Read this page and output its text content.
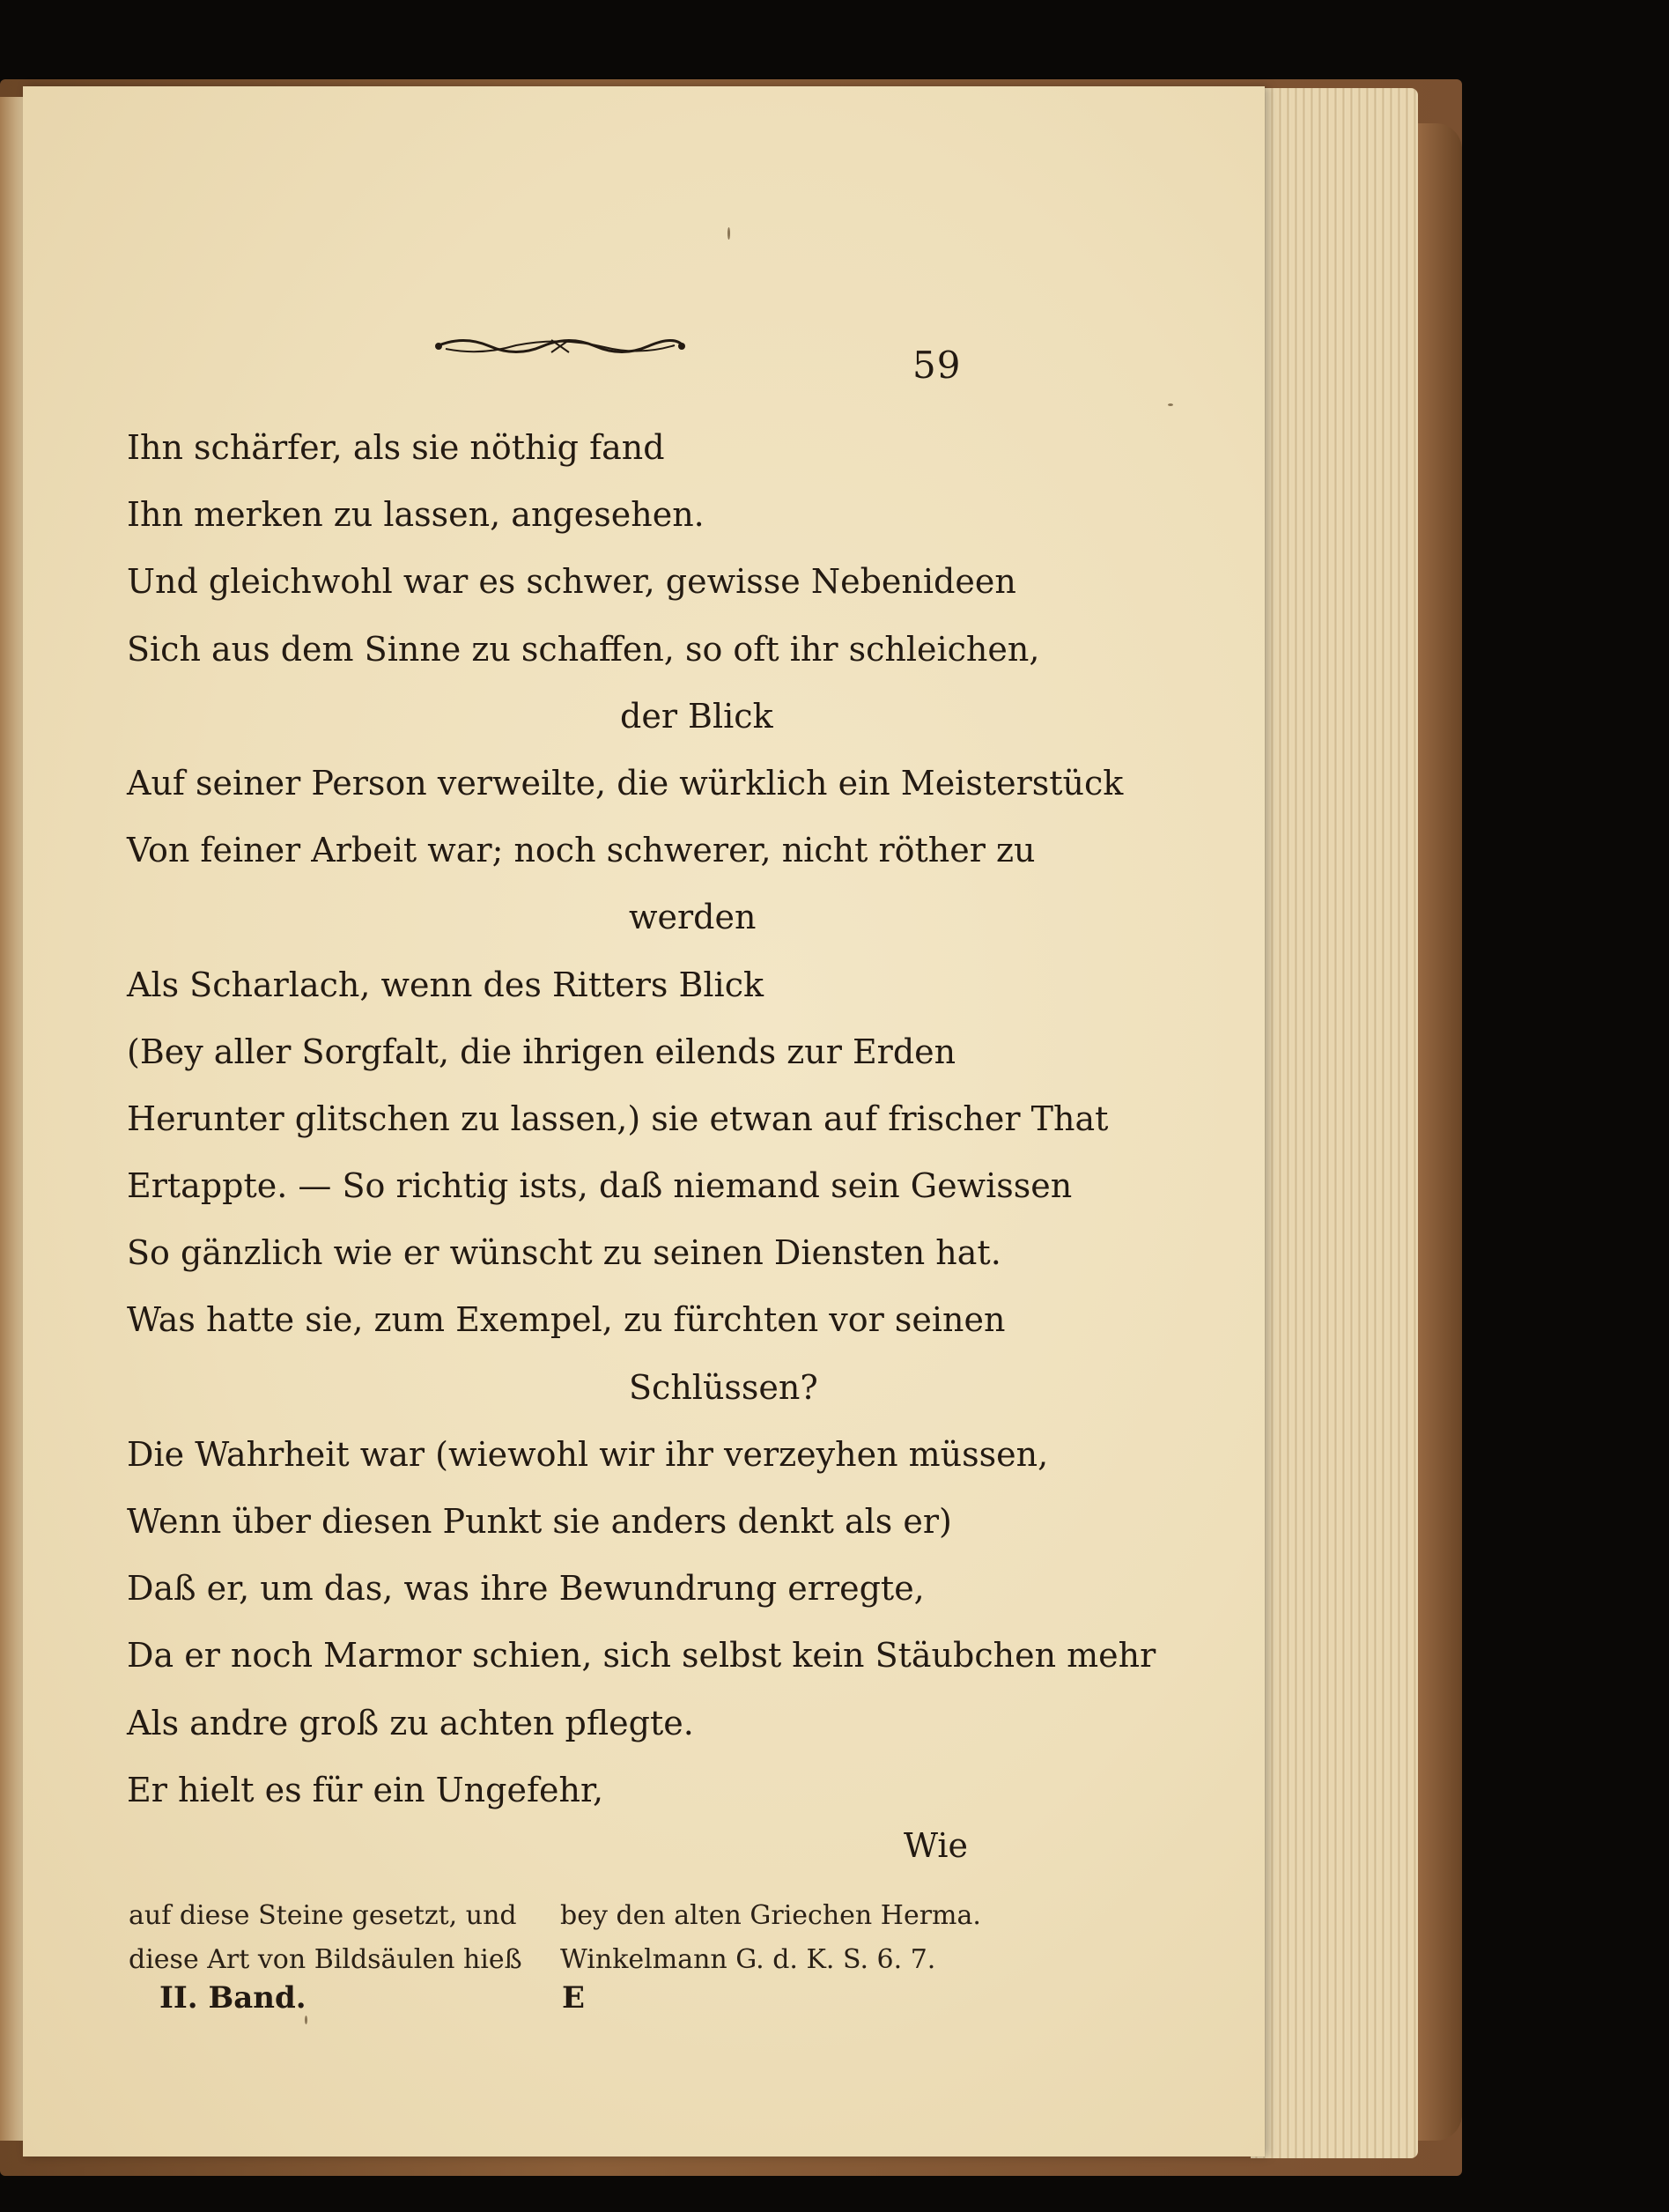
59
Ihn schärfer, als sie nöthig fand
Ihn merken zu lassen, angesehen.
Und gleichwohl war es schwer, gewisse Nebenideen
Sich aus dem Sinne zu schaffen, so oft ihr schleichen,
der Blick
Auf seiner Person verweilte, die würklich ein Meisterstück
Von feiner Arbeit war; noch schwerer, nicht röther zu
werden
Als Scharlach, wenn des Ritters Blick
(Bey aller Sorgfalt, die ihrigen eilends zur Erden
Herunter glitschen zu lassen,) sie etwan auf frischer That
Ertappte. — So richtig ists, daß niemand sein Gewissen
So gänzlich wie er wünscht zu seinen Diensten hat.
Was hatte sie, zum Exempel, zu fürchten vor seinen
Schlüssen?
Die Wahrheit war (wiewohl wir ihr verzeyhen müssen,
Wenn über diesen Punkt sie anders denkt als er)
Daß er, um das, was ihre Bewundrung erregte,
Da er noch Marmor schien, sich selbst kein Stäubchen mehr
Als andre groß zu achten pflegte.
Er hielt es für ein Ungefehr,
Wie
auf diese Steine gesetzt, und
diese Art von Bildsäulen hieß
bey den alten Griechen Herma.
Winkelmann G. d. K. S. 6. 7.
II. Band.	E
